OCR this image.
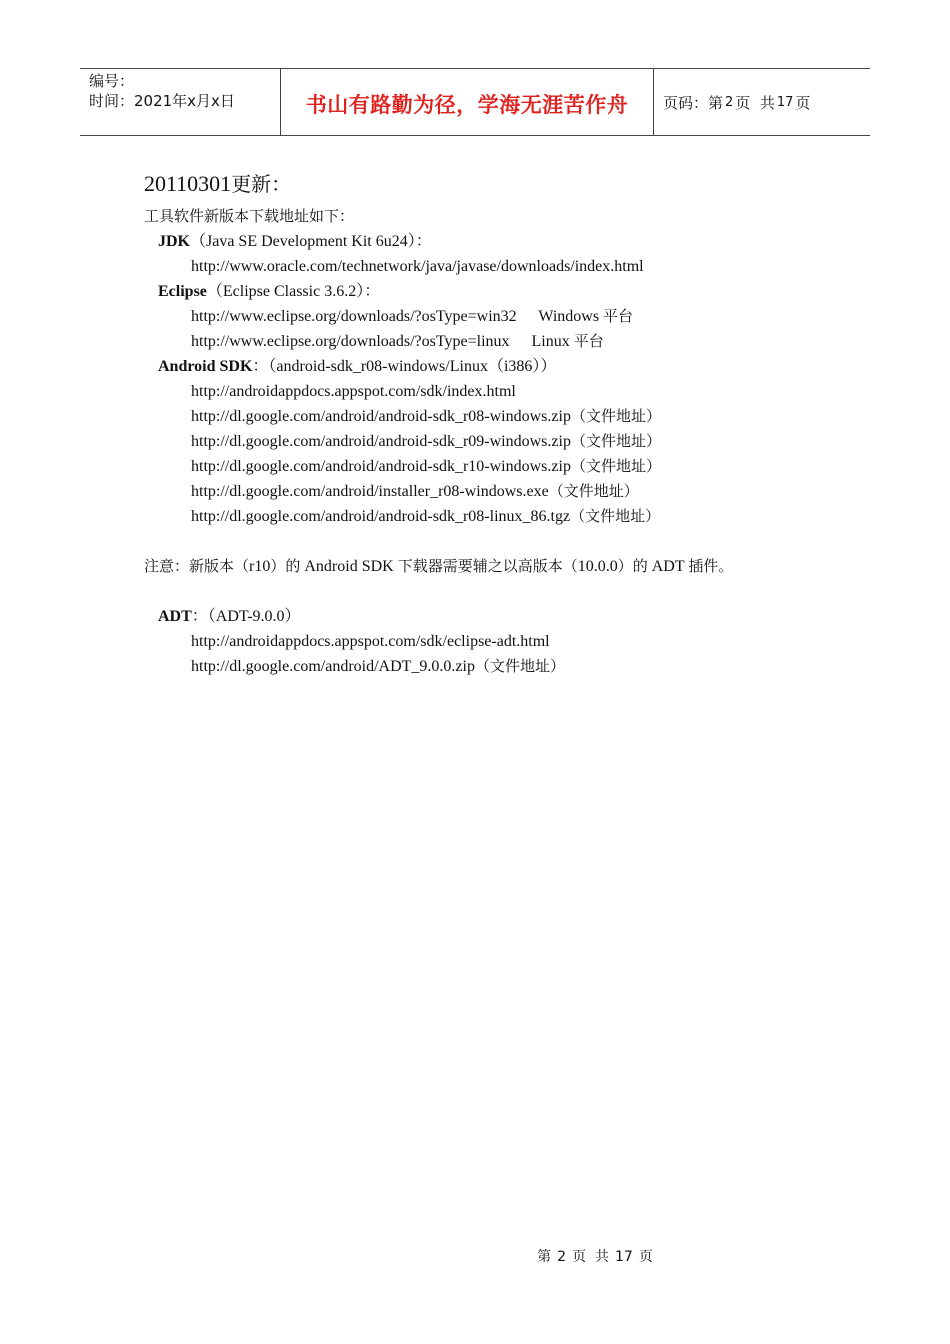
编号：
时间：2021年x月x日	书山有路勤为径，学海无涯苦作舟 页码：第 2 页  共 17 页
20110301更新：
工具软件新版本下载地址如下：
JDK（Java SE Development Kit 6u24）：
http://www.oracle.com/technetwork/java/javase/downloads/index.html
Eclipse（Eclipse Classic 3.6.2）：
http://www.eclipse.org/downloads/?osType=win32 Windows 平台
http://www.eclipse.org/downloads/?osType=linux Linux 平台
Android SDK：（android-sdk_r08-windows/Linux（i386））
http://androidappdocs.appspot.com/sdk/index.html
http://dl.google.com/android/android-sdk_r08-windows.zip（文件地址）
http://dl.google.com/android/android-sdk_r09-windows.zip（文件地址）
http://dl.google.com/android/android-sdk_r10-windows.zip（文件地址）
http://dl.google.com/android/installer_r08-windows.exe（文件地址）
http://dl.google.com/android/android-sdk_r08-linux_86.tgz（文件地址）
注意：新版本（r10）的 Android SDK 下载器需要辅之以高版本（10.0.0）的 ADT 插件。
ADT：（ADT-9.0.0）
http://androidappdocs.appspot.com/sdk/eclipse-adt.html
http://dl.google.com/android/ADT_9.0.0.zip（文件地址）
第 2 页  共 17 页
